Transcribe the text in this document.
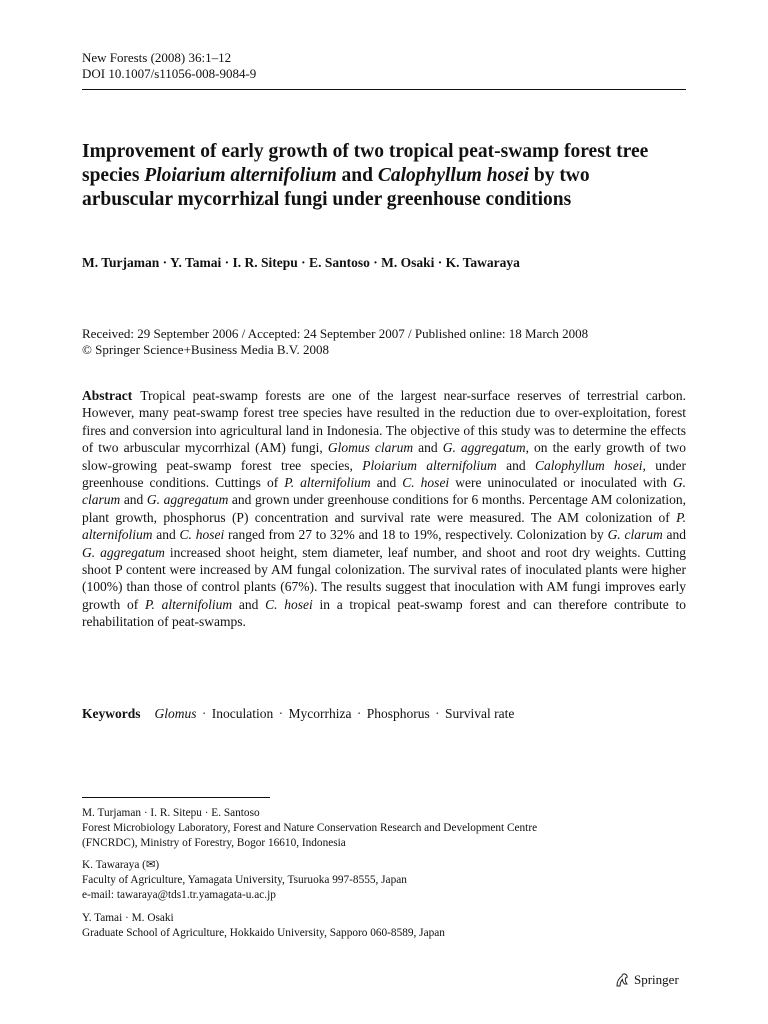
New Forests (2008) 36:1–12
DOI 10.1007/s11056-008-9084-9
Improvement of early growth of two tropical peat-swamp forest tree species Ploiarium alternifolium and Calophyllum hosei by two arbuscular mycorrhizal fungi under greenhouse conditions
M. Turjaman · Y. Tamai · I. R. Sitepu · E. Santoso · M. Osaki · K. Tawaraya
Received: 29 September 2006 / Accepted: 24 September 2007 / Published online: 18 March 2008
© Springer Science+Business Media B.V. 2008

Abstract Tropical peat-swamp forests are one of the largest near-surface reserves of terrestrial carbon. However, many peat-swamp forest tree species have resulted in the reduction due to over-exploitation, forest fires and conversion into agricultural land in Indonesia. The objective of this study was to determine the effects of two arbuscular mycorrhizal (AM) fungi, Glomus clarum and G. aggregatum, on the early growth of two slow-growing peat-swamp forest tree species, Ploiarium alternifolium and Calophyllum hosei, under greenhouse conditions. Cuttings of P. alternifolium and C. hosei were uninoculated or inoculated with G. clarum and G. aggregatum and grown under greenhouse conditions for 6 months. Percentage AM colonization, plant growth, phosphorus (P) concentration and survival rate were measured. The AM colonization of P. alternifolium and C. hosei ranged from 27 to 32% and 18 to 19%, respectively. Colonization by G. clarum and G. aggregatum increased shoot height, stem diameter, leaf number, and shoot and root dry weights. Cutting shoot P content were increased by AM fungal colonization. The survival rates of inoculated plants were higher (100%) than those of control plants (67%). The results suggest that inoculation with AM fungi improves early growth of P. alternifolium and C. hosei in a tropical peat-swamp forest and can therefore contribute to rehabilitation of peat-swamps.

Keywords Glomus · Inoculation · Mycorrhiza · Phosphorus · Survival rate
M. Turjaman · I. R. Sitepu · E. Santoso
Forest Microbiology Laboratory, Forest and Nature Conservation Research and Development Centre
(FNCRDC), Ministry of Forestry, Bogor 16610, Indonesia
K. Tawaraya (✉)
Faculty of Agriculture, Yamagata University, Tsuruoka 997-8555, Japan
e-mail: tawaraya@tds1.tr.yamagata-u.ac.jp
Y. Tamai · M. Osaki
Graduate School of Agriculture, Hokkaido University, Sapporo 060-8589, Japan
Springer
